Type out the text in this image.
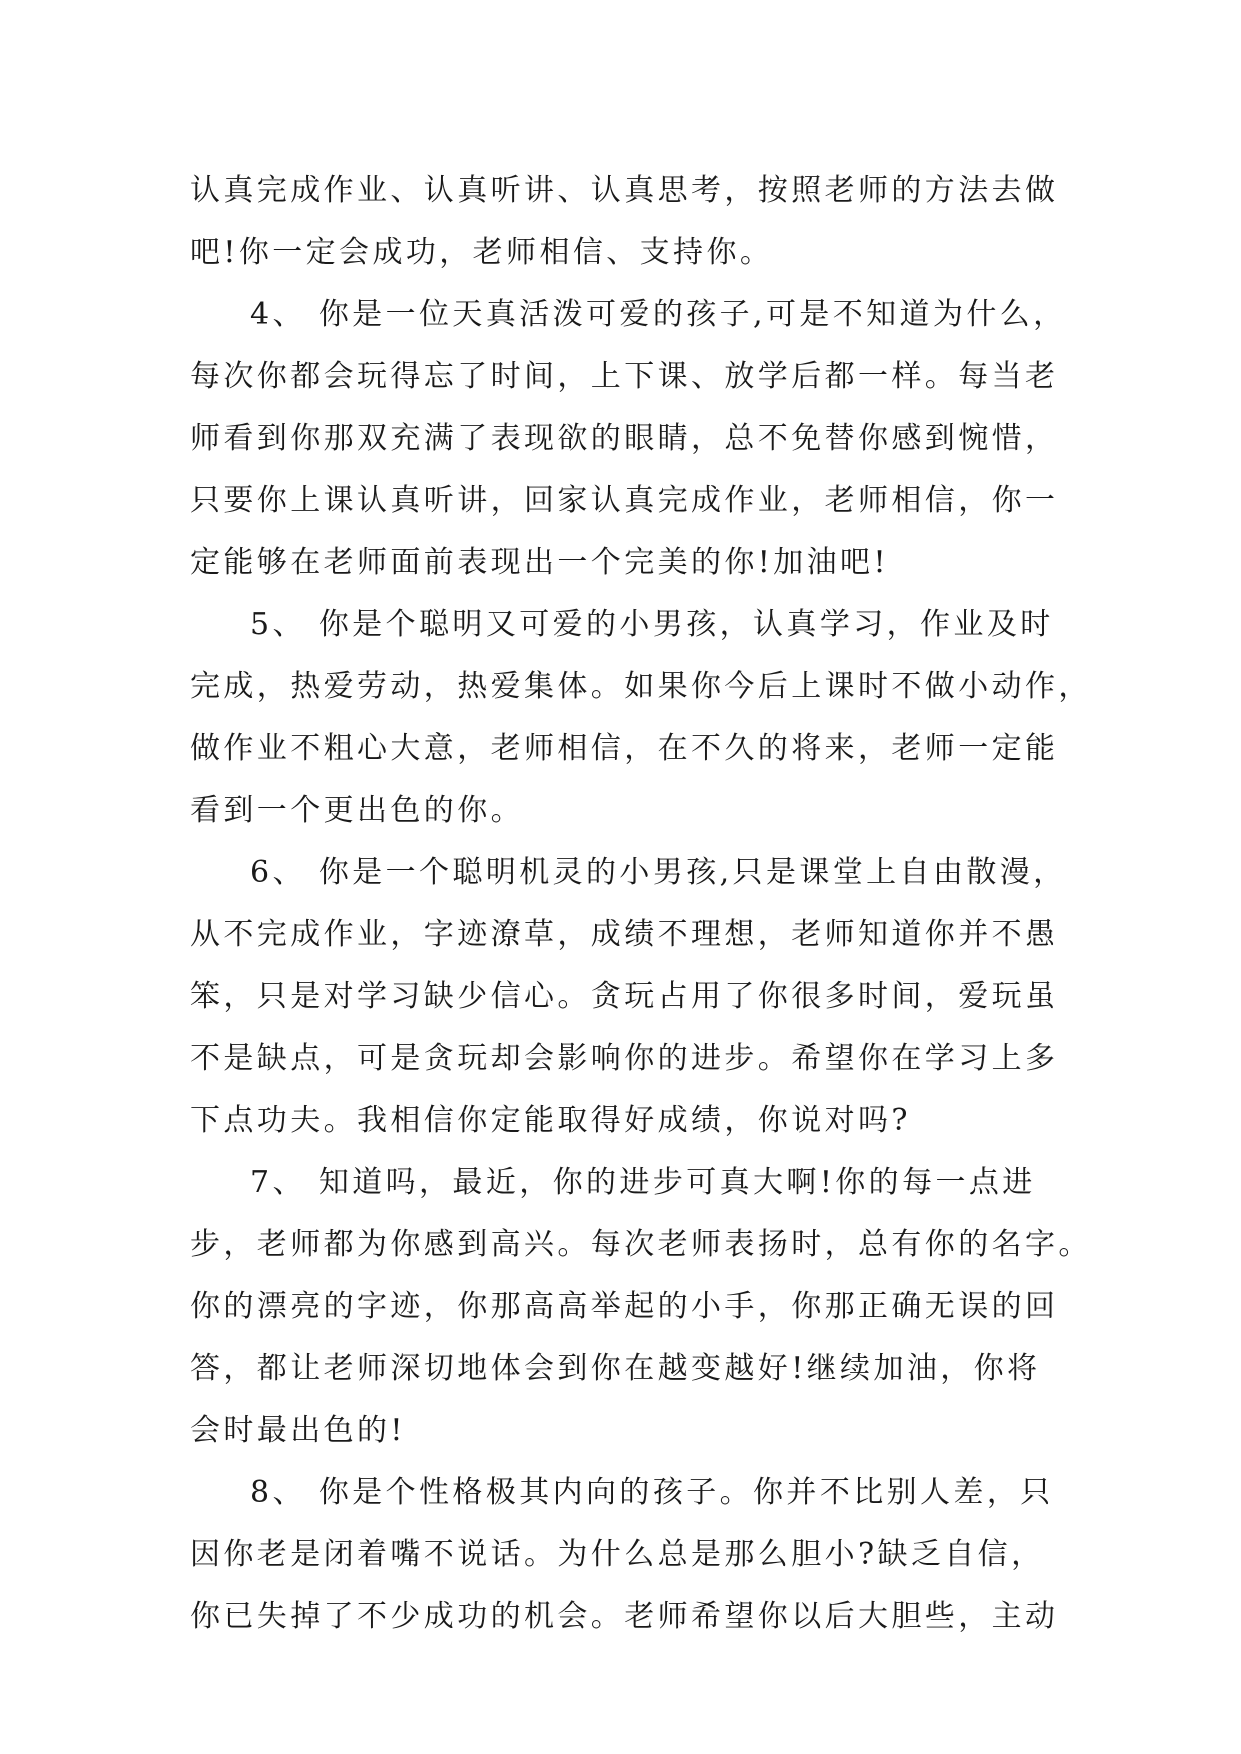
认真完成作业、认真听讲、认真思考，按照老师的方法去做
吧!你一定会成功，老师相信、支持你。
4、 你是一位天真活泼可爱的孩子,可是不知道为什么，
每次你都会玩得忘了时间，上下课、放学后都一样。每当老
师看到你那双充满了表现欲的眼睛，总不免替你感到惋惜，
只要你上课认真听讲，回家认真完成作业，老师相信，你一
定能够在老师面前表现出一个完美的你!加油吧!
5、 你是个聪明又可爱的小男孩，认真学习，作业及时
完成，热爱劳动，热爱集体。如果你今后上课时不做小动作，
做作业不粗心大意，老师相信，在不久的将来，老师一定能
看到一个更出色的你。
6、 你是一个聪明机灵的小男孩,只是课堂上自由散漫，
从不完成作业，字迹潦草，成绩不理想，老师知道你并不愚
笨，只是对学习缺少信心。贪玩占用了你很多时间，爱玩虽
不是缺点，可是贪玩却会影响你的进步。希望你在学习上多
下点功夫。我相信你定能取得好成绩，你说对吗?
7、 知道吗，最近，你的进步可真大啊!你的每一点进
步，老师都为你感到高兴。每次老师表扬时，总有你的名字。
你的漂亮的字迹，你那高高举起的小手，你那正确无误的回
答，都让老师深切地体会到你在越变越好!继续加油，你将
会时最出色的!
8、 你是个性格极其内向的孩子。你并不比别人差，只
因你老是闭着嘴不说话。为什么总是那么胆小?缺乏自信，
你已失掉了不少成功的机会。老师希望你以后大胆些，主动
